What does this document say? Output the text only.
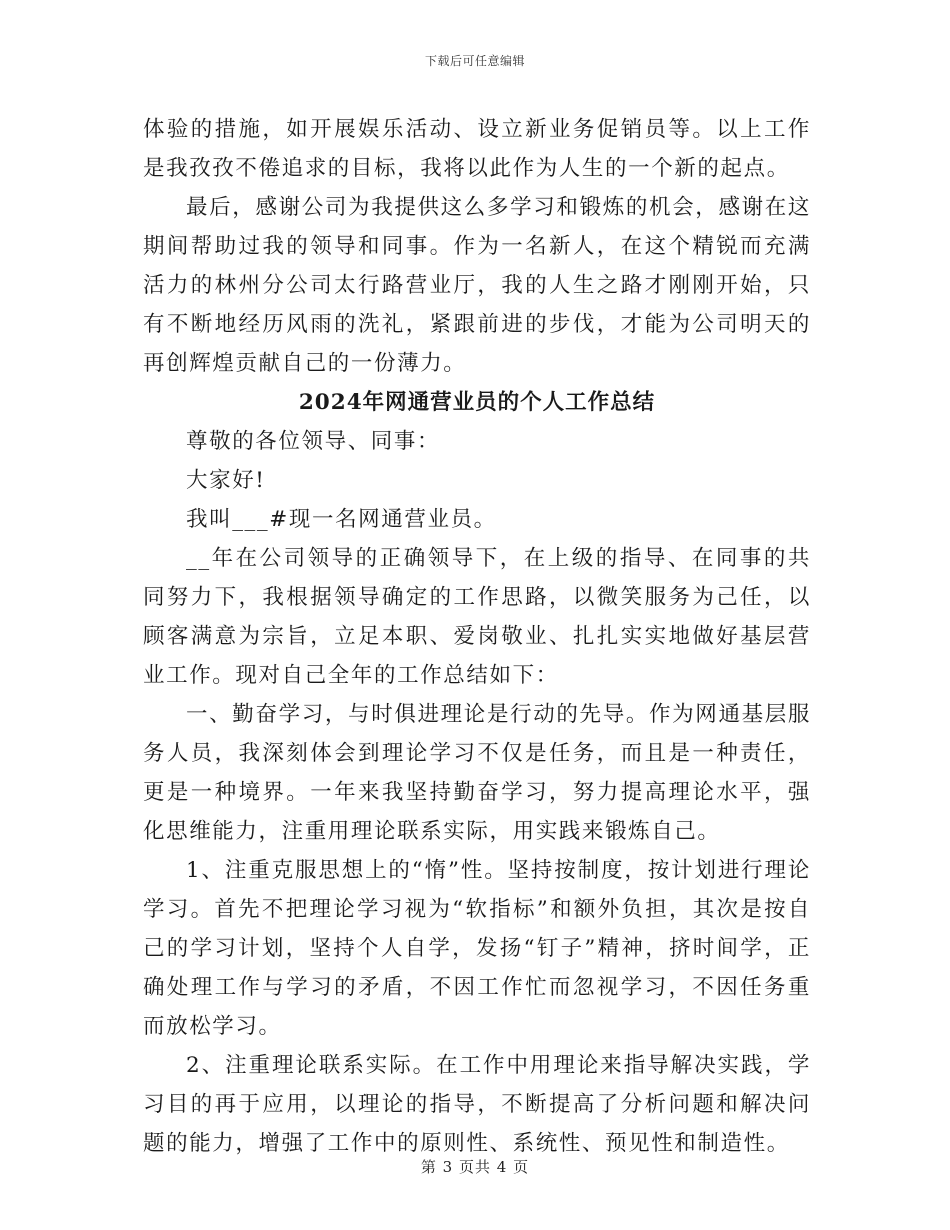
下载后可任意编辑

体验的措施，如开展娱乐活动、设立新业务促销员等。以上工作是我孜孜不倦追求的目标，我将以此作为人生的一个新的起点。

最后，感谢公司为我提供这么多学习和锻炼的机会，感谢在这期间帮助过我的领导和同事。作为一名新人，在这个精锐而充满活力的林州分公司太行路营业厅，我的人生之路才刚刚开始，只有不断地经历风雨的洗礼，紧跟前进的步伐，才能为公司明天的再创辉煌贡献自己的一份薄力。

2024年网通营业员的个人工作总结

尊敬的各位领导、同事：

大家好!

我叫___#现一名网通营业员。

__年在公司领导的正确领导下，在上级的指导、在同事的共同努力下，我根据领导确定的工作思路，以微笑服务为己任，以顾客满意为宗旨，立足本职、爱岗敬业、扎扎实实地做好基层营业工作。现对自己全年的工作总结如下：

一、勤奋学习，与时俱进理论是行动的先导。作为网通基层服务人员，我深刻体会到理论学习不仅是任务，而且是一种责任，更是一种境界。一年来我坚持勤奋学习，努力提高理论水平，强化思维能力，注重用理论联系实际，用实践来锻炼自己。

1、注重克服思想上的“惰”性。坚持按制度，按计划进行理论学习。首先不把理论学习视为“软指标”和额外负担，其次是按自己的学习计划，坚持个人自学，发扬“钉子”精神，挤时间学，正确处理工作与学习的矛盾，不因工作忙而忽视学习，不因任务重而放松学习。

2、注重理论联系实际。在工作中用理论来指导解决实践，学习目的再于应用，以理论的指导，不断提高了分析问题和解决问题的能力，增强了工作中的原则性、系统性、预见性和制造性。

第 3 页共 4 页
